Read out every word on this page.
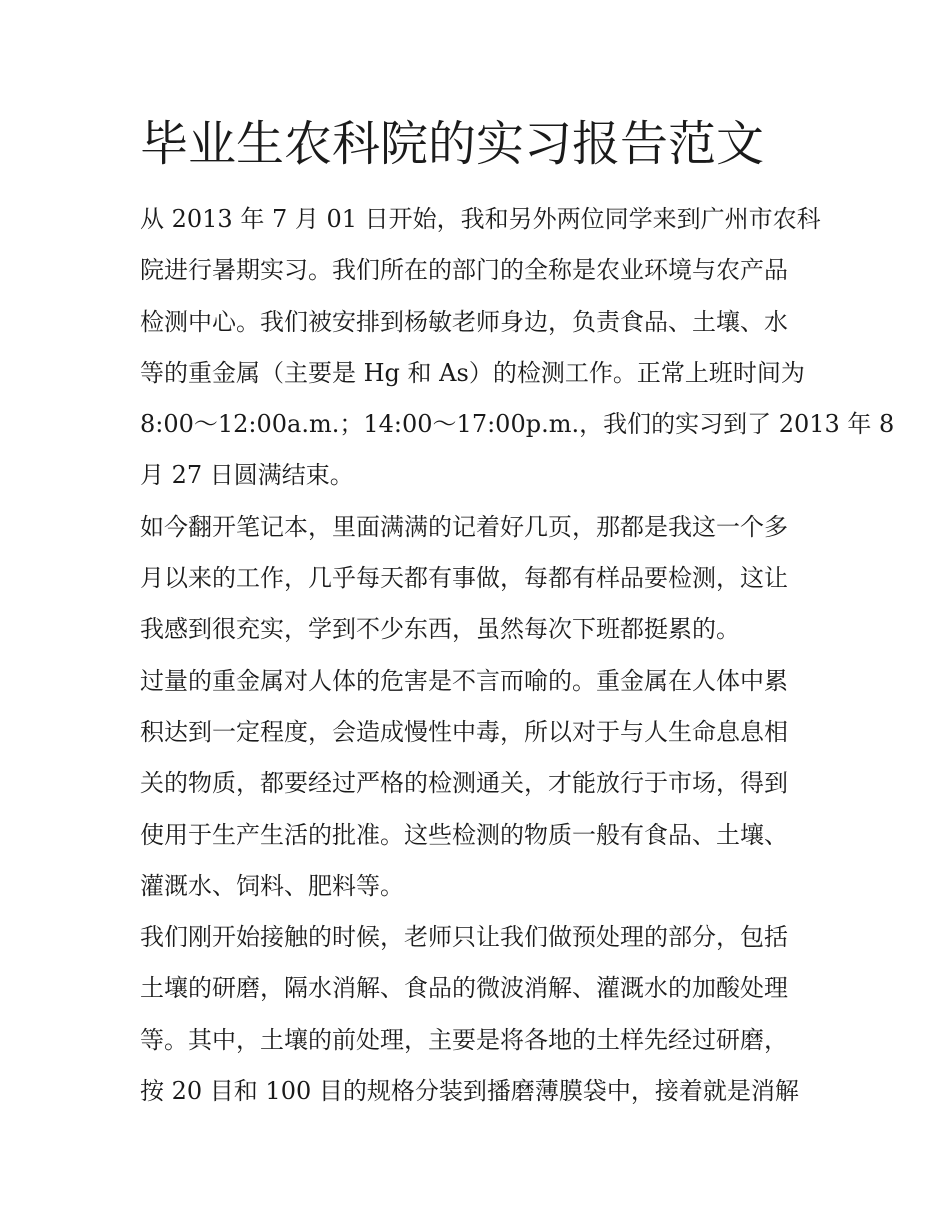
毕业生农科院的实习报告范文

从 2013 年 7 月 01 日开始，我和另外两位同学来到广州市农科

院进行暑期实习。我们所在的部门的全称是农业环境与农产品

检测中心。我们被安排到杨敏老师身边，负责食品、土壤、水

等的重金属（主要是 Hg 和 As）的检测工作。正常上班时间为

8:00～12:00a.m.；14:00～17:00p.m.，我们的实习到了 2013 年 8

月 27 日圆满结束。

如今翻开笔记本，里面满满的记着好几页，那都是我这一个多

月以来的工作，几乎每天都有事做，每都有样品要检测，这让

我感到很充实，学到不少东西，虽然每次下班都挺累的。

过量的重金属对人体的危害是不言而喻的。重金属在人体中累

积达到一定程度，会造成慢性中毒，所以对于与人生命息息相

关的物质，都要经过严格的检测通关，才能放行于市场，得到

使用于生产生活的批准。这些检测的物质一般有食品、土壤、

灌溉水、饲料、肥料等。

我们刚开始接触的时候，老师只让我们做预处理的部分，包括

土壤的研磨，隔水消解、食品的微波消解、灌溉水的加酸处理

等。其中，土壤的前处理，主要是将各地的土样先经过研磨，

按 20 目和 100 目的规格分装到播磨薄膜袋中，接着就是消解
